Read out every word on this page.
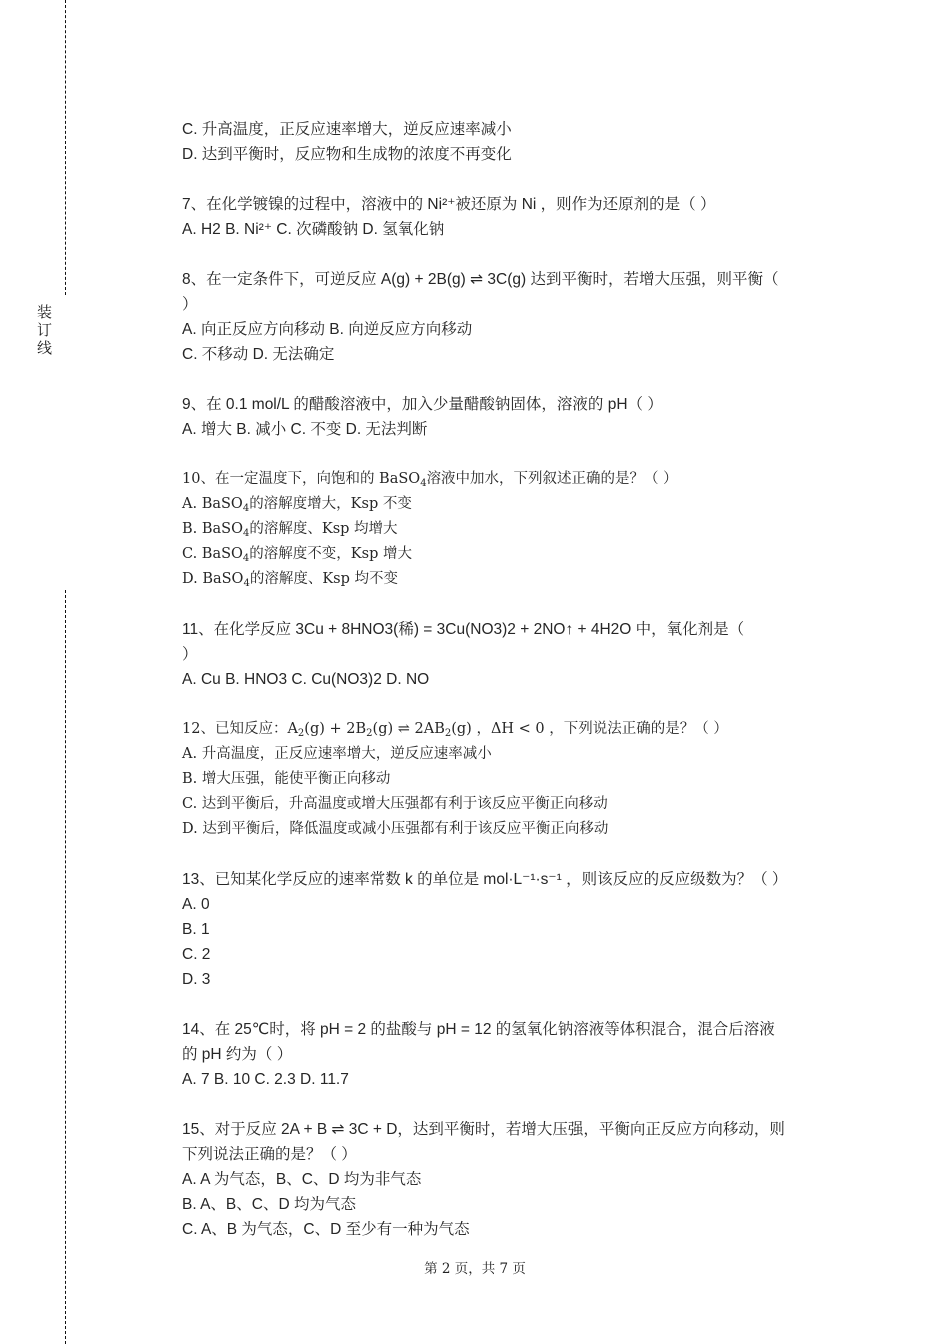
装
订
线
C. 升高温度，正反应速率增大，逆反应速率减小
D. 达到平衡时，反应物和生成物的浓度不再变化
7、在化学镀镍的过程中，溶液中的 Ni²⁺被还原为 Ni ，则作为还原剂的是（ ）
A. H2 B. Ni²⁺ C. 次磷酸钠 D. 氢氧化钠
8、在一定条件下，可逆反应 A(g) + 2B(g) ⇌ 3C(g) 达到平衡时，若增大压强，则平衡（
）
A. 向正反应方向移动 B. 向逆反应方向移动
C. 不移动 D. 无法确定
9、在 0.1 mol/L 的醋酸溶液中，加入少量醋酸钠固体，溶液的 pH（ ）
A. 增大 B. 减小 C. 不变 D. 无法判断
10、在一定温度下，向饱和的 BaSO$_4$溶液中加水，下列叙述正确的是？（ ）
A. BaSO$_4$的溶解度增大，Ksp 不变
B. BaSO$_4$的溶解度、Ksp 均增大
C. BaSO$_4$的溶解度不变，Ksp 增大
D. BaSO$_4$的溶解度、Ksp 均不变
11、在化学反应 3Cu + 8HNO3(稀) = 3Cu(NO3)2 + 2NO↑ + 4H2O 中，氧化剂是（
）
A. Cu B. HNO3 C. Cu(NO3)2 D. NO
12、已知反应：$A_2(g) + 2B_2(g)$ ⇌ $2AB_2(g)$ ，ΔH < 0 ，下列说法正确的是？（ ）
A. 升高温度，正反应速率增大，逆反应速率减小
B. 增大压强，能使平衡正向移动
C. 达到平衡后，升高温度或增大压强都有利于该反应平衡正向移动
D. 达到平衡后，降低温度或减小压强都有利于该反应平衡正向移动
13、已知某化学反应的速率常数 k 的单位是 mol·L⁻¹·s⁻¹ ，则该反应的反应级数为？（ ）
A. 0
B. 1
C. 2
D. 3
14、在 25℃时，将 pH = 2 的盐酸与 pH = 12 的氢氧化钠溶液等体积混合，混合后溶液
的 pH 约为（ ）
A. 7 B. 10 C. 2.3 D. 11.7
15、对于反应 2A + B ⇌ 3C + D，达到平衡时，若增大压强，平衡向正反应方向移动，则
下列说法正确的是？（ ）
A. A 为气态，B、C、D 均为非气态
B. A、B、C、D 均为气态
C. A、B 为气态，C、D 至少有一种为气态
第 2 页，共 7 页
